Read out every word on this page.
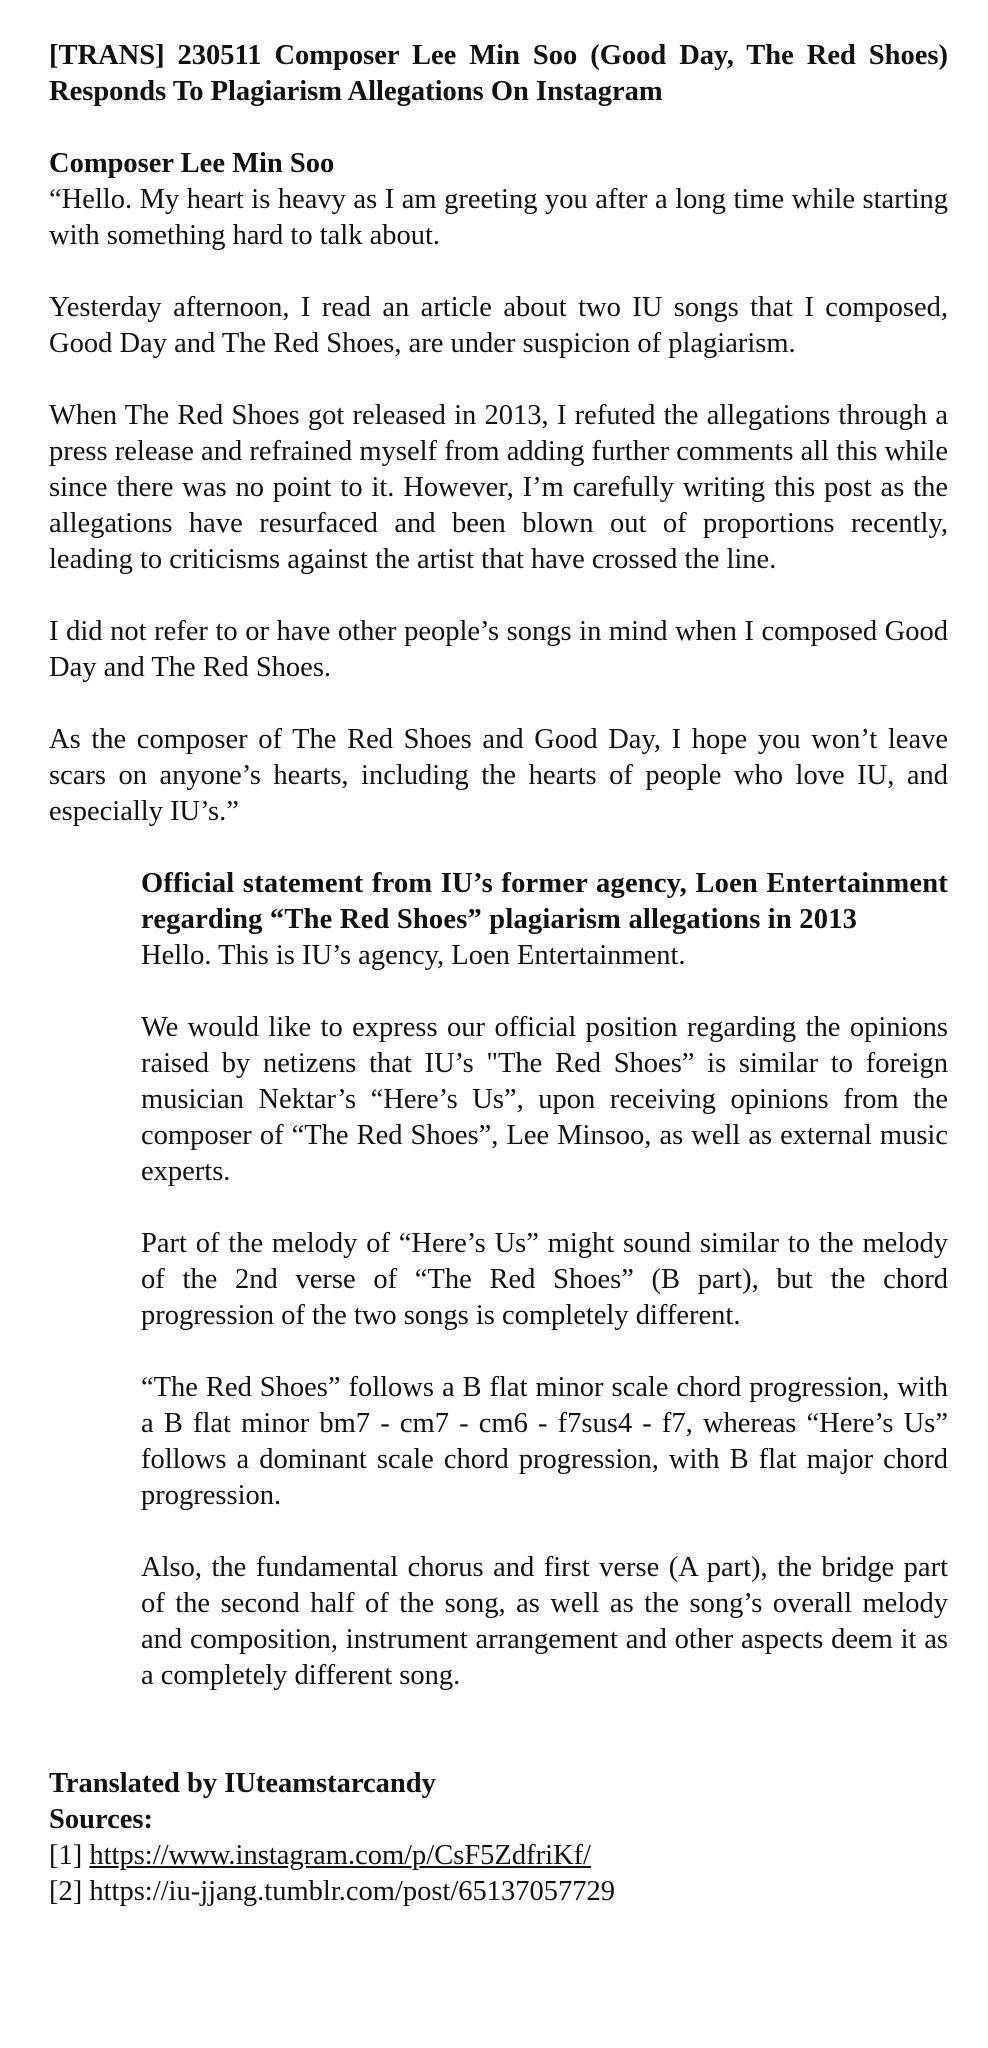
[TRANS] 230511 Composer Lee Min Soo (Good Day, The Red Shoes) Responds To Plagiarism Allegations On Instagram

Composer Lee Min Soo

“Hello. My heart is heavy as I am greeting you after a long time while starting with something hard to talk about.

Yesterday afternoon, I read an article about two IU songs that I composed, Good Day and The Red Shoes, are under suspicion of plagiarism.

When The Red Shoes got released in 2013, I refuted the allegations through a press release and refrained myself from adding further comments all this while since there was no point to it. However, I’m carefully writing this post as the allegations have resurfaced and been blown out of proportions recently, leading to criticisms against the artist that have crossed the line.

I did not refer to or have other people’s songs in mind when I composed Good Day and The Red Shoes.

As the composer of The Red Shoes and Good Day, I hope you won’t leave scars on anyone’s hearts, including the hearts of people who love IU, and especially IU’s.”

Official statement from IU’s former agency, Loen Entertainment regarding “The Red Shoes” plagiarism allegations in 2013

Hello. This is IU’s agency, Loen Entertainment.

We would like to express our official position regarding the opinions raised by netizens that IU’s "The Red Shoes” is similar to foreign musician Nektar’s “Here’s Us”, upon receiving opinions from the composer of “The Red Shoes”, Lee Minsoo, as well as external music experts.

Part of the melody of “Here’s Us” might sound similar to the melody of the 2nd verse of “The Red Shoes” (B part), but the chord progression of the two songs is completely different.

“The Red Shoes” follows a B flat minor scale chord progression, with a B flat minor bm7 - cm7 - cm6 - f7sus4 - f7, whereas “Here’s Us” follows a dominant scale chord progression, with B flat major chord progression.

Also, the fundamental chorus and first verse (A part), the bridge part of the second half of the song, as well as the song’s overall melody and composition, instrument arrangement and other aspects deem it as a completely different song.

Translated by IUteamstarcandy
Sources:
[1] https://www.instagram.com/p/CsF5ZdfriKf/
[2] https://iu-jjang.tumblr.com/post/65137057729
